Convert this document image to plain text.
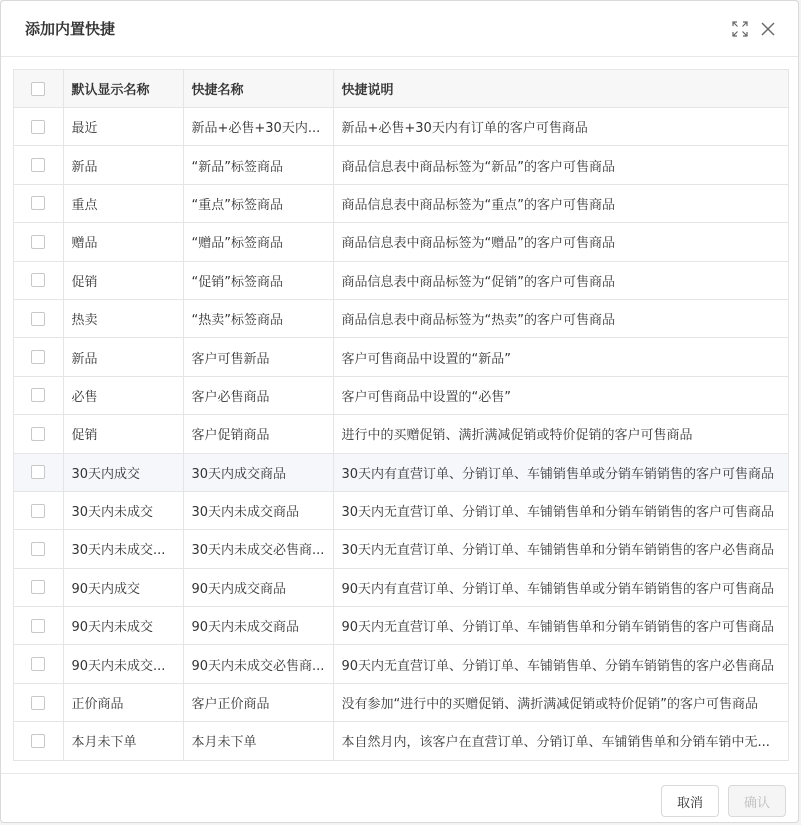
添加内置快捷
	默认显示名称	快捷名称	快捷说明
	最近	新品+必售+30天内...	新品+必售+30天内有订单的客户可售商品
	新品	“新品”标签商品	商品信息表中商品标签为“新品”的客户可售商品
	重点	“重点”标签商品	商品信息表中商品标签为“重点”的客户可售商品
	赠品	“赠品”标签商品	商品信息表中商品标签为“赠品”的客户可售商品
	促销	“促销”标签商品	商品信息表中商品标签为“促销”的客户可售商品
	热卖	“热卖”标签商品	商品信息表中商品标签为“热卖”的客户可售商品
	新品	客户可售新品	客户可售商品中设置的“新品”
	必售	客户必售商品	客户可售商品中设置的“必售”
	促销	客户促销商品	进行中的买赠促销、满折满减促销或特价促销的客户可售商品
	30天内成交	30天内成交商品	30天内有直营订单、分销订单、车铺销售单或分销车销销售的客户可售商品
	30天内未成交	30天内未成交商品	30天内无直营订单、分销订单、车铺销售单和分销车销销售的客户可售商品
	30天内未成交...	30天内未成交必售商...	30天内无直营订单、分销订单、车铺销售单和分销车销销售的客户必售商品
	90天内成交	90天内成交商品	90天内有直营订单、分销订单、车铺销售单或分销车销销售的客户可售商品
	90天内未成交	90天内未成交商品	90天内无直营订单、分销订单、车铺销售单和分销车销销售的客户可售商品
	90天内未成交...	90天内未成交必售商...	90天内无直营订单、分销订单、车铺销售单、分销车销销售的客户必售商品
	正价商品	客户正价商品	没有参加“进行中的买赠促销、满折满减促销或特价促销”的客户可售商品
	本月未下单	本月未下单	本自然月内，该客户在直营订单、分销订单、车铺销售单和分销车销中无...
取消	确认
